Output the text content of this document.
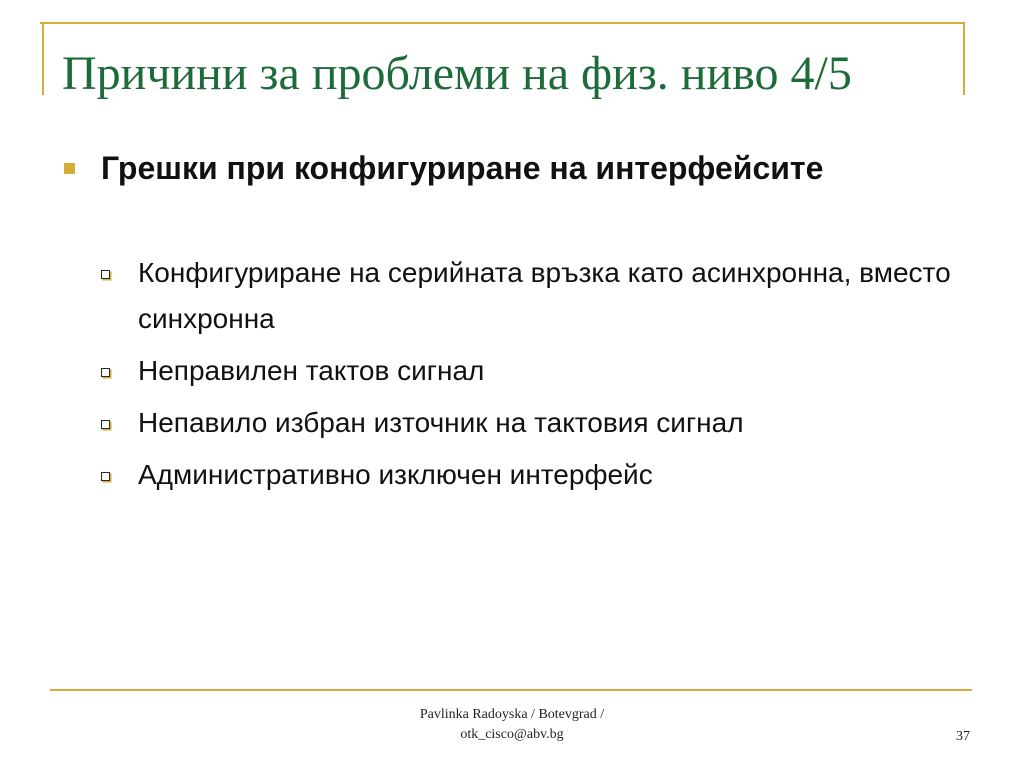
Причини за проблеми на физ. ниво 4/5
Грешки при конфигуриране на интерфейсите
Конфигуриране на серийната връзка като асинхронна, вместо синхронна
Неправилен тактов сигнал
Непавило избран източник на тактовия сигнал
Административно изключен интерфейс
Pavlinka Radoyska / Botevgrad /
otk_cisco@abv.bg	37
